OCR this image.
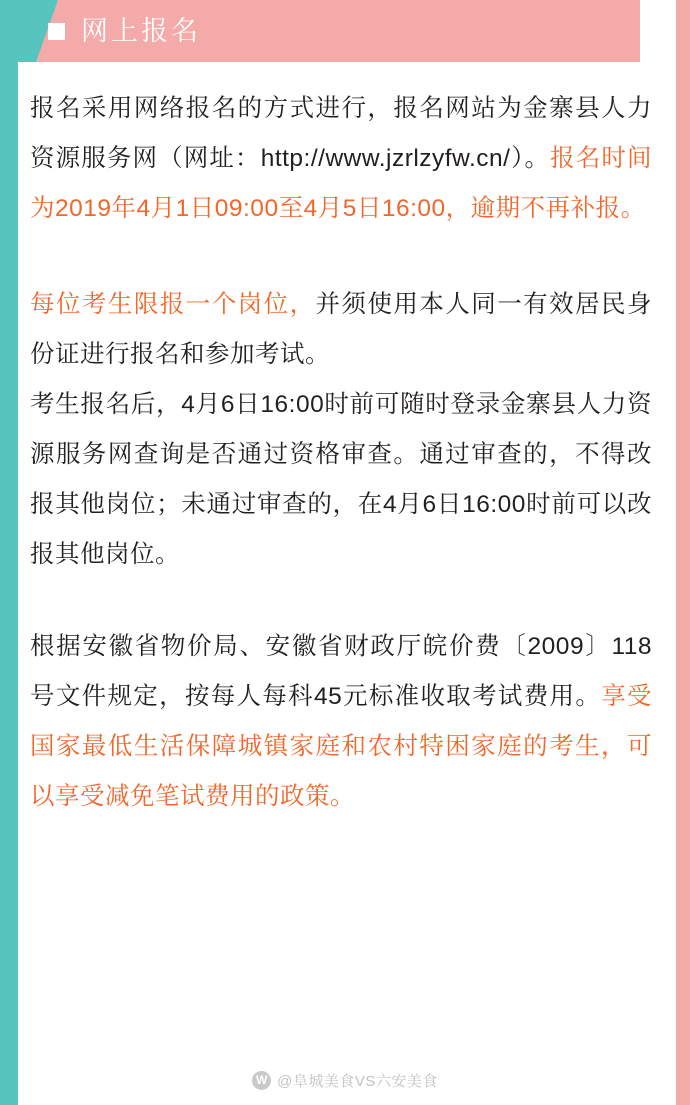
网上报名

报名采用网络报名的方式进行，报名网站为金寨县人力资源服务网（网址：http://www.jzrlzyfw.cn/）。报名时间为2019年4月1日09:00至4月5日16:00，逾期不再补报。

每位考生限报一个岗位，并须使用本人同一有效居民身份证进行报名和参加考试。

考生报名后，4月6日16:00时前可随时登录金寨县人力资源服务网查询是否通过资格审查。通过审查的，不得改报其他岗位；未通过审查的，在4月6日16:00时前可以改报其他岗位。

根据安徽省物价局、安徽省财政厅皖价费〔2009〕118号文件规定，按每人每科45元标准收取考试费用。享受国家最低生活保障城镇家庭和农村特困家庭的考生，可以享受减免笔试费用的政策。

W
@阜城美食VS六安美食
